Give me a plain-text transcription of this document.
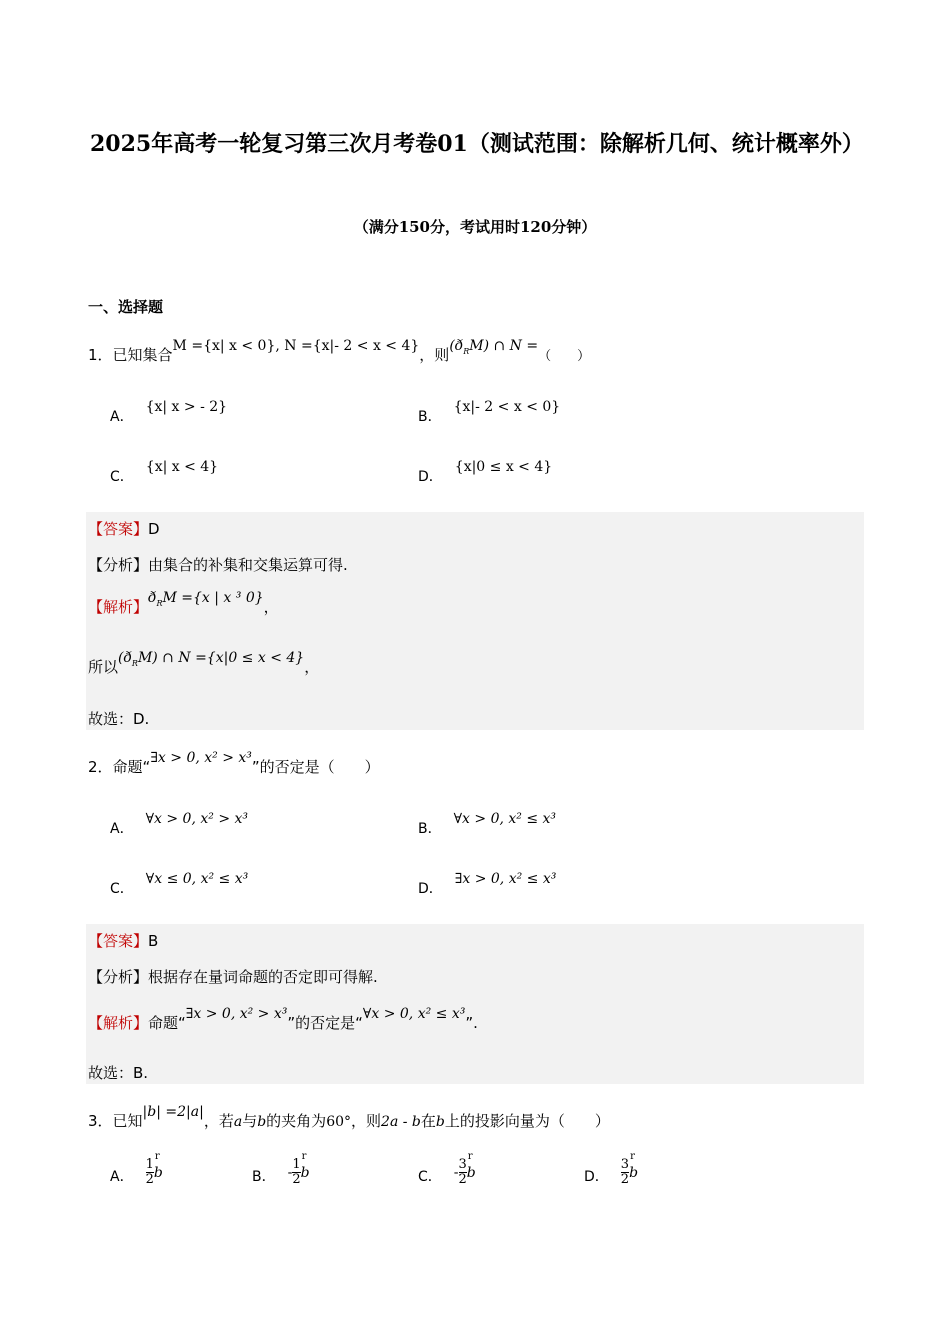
2025年高考一轮复习第三次月考卷01（测试范围：除解析几何、统计概率外）
（满分150分，考试用时120分钟）
一、选择题
1．已知集合M ={x| x < 0}, N ={x|- 2 < x < 4}，则$(ð_RM)$ ∩ N =（　　）
A．{x| x > - 2}
B．{x|- 2 < x < 0}
C．{x| x < 4}
D．{x|0 ≤ x < 4}
【答案】D
【分析】由集合的补集和交集运算可得.
【解析】$ð_RM =\{x$ | x ³ 0}，
所以$(ð_RM)$ ∩ N ={x|0 ≤ x < 4}，
故选：D.
2．命题“∃x > 0, x² > x³”的否定是（　　）
A．∀x > 0, x² > x³
B．∀x > 0, x² ≤ x³
C．∀x ≤ 0, x² ≤ x³
D．∃x > 0, x² ≤ x³
【答案】B
【分析】根据存在量词命题的否定即可得解.
【解析】命题“∃x > 0, x² > x³”的否定是“∀x > 0, x² ≤ x³”.
故选：B.
3．已知|b| =2|a|，若a与b的夹角为60°，则2a - b在b上的投影向量为（　　）
A． $\frac{1}{2}$ r b	B． - $\frac{1}{2}$ r b	C． - $\frac{3}{2}$ r b	D． $\frac{3}{2}$ r b
